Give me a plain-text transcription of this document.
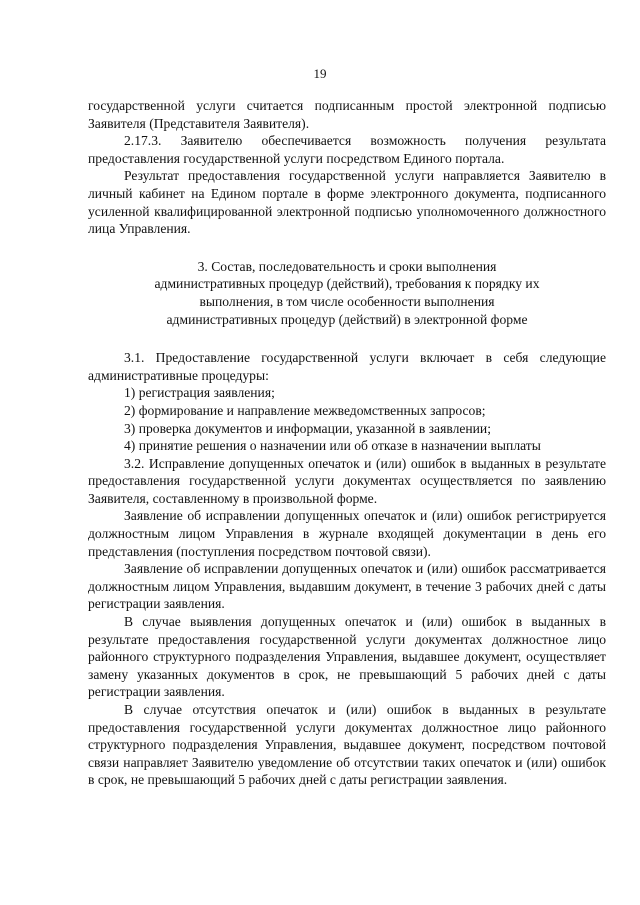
19

государственной услуги считается подписанным простой электронной подписью Заявителя (Представителя Заявителя).

2.17.3. Заявителю обеспечивается возможность получения результата предоставления государственной услуги посредством Единого портала.

Результат предоставления государственной услуги направляется Заявителю в личный кабинет на Едином портале в форме электронного документа, подписанного усиленной квалифицированной электронной подписью уполномоченного должностного лица Управления.

3. Состав, последовательность и сроки выполнения
административных процедур (действий), требования к порядку их
выполнения, в том числе особенности выполнения
административных процедур (действий) в электронной форме

3.1. Предоставление государственной услуги включает в себя следующие административные процедуры:

1) регистрация заявления;

2) формирование и направление межведомственных запросов;

3) проверка документов и информации, указанной в заявлении;

4) принятие решения о назначении или об отказе в назначении выплаты

3.2. Исправление допущенных опечаток и (или) ошибок в выданных в результате предоставления государственной услуги документах осуществляется по заявлению Заявителя, составленному в произвольной форме.

Заявление об исправлении допущенных опечаток и (или) ошибок регистрируется должностным лицом Управления в журнале входящей документации в день его представления (поступления посредством почтовой связи).

Заявление об исправлении допущенных опечаток и (или) ошибок рассматривается должностным лицом Управления, выдавшим документ, в течение 3 рабочих дней с даты регистрации заявления.

В случае выявления допущенных опечаток и (или) ошибок в выданных в результате предоставления государственной услуги документах должностное лицо районного структурного подразделения Управления, выдавшее документ, осуществляет замену указанных документов в срок, не превышающий 5 рабочих дней с даты регистрации заявления.

В случае отсутствия опечаток и (или) ошибок в выданных в результате предоставления государственной услуги документах должностное лицо районного структурного подразделения Управления, выдавшее документ, посредством почтовой связи направляет Заявителю уведомление об отсутствии таких опечаток и (или) ошибок в срок, не превышающий 5 рабочих дней с даты регистрации заявления.
